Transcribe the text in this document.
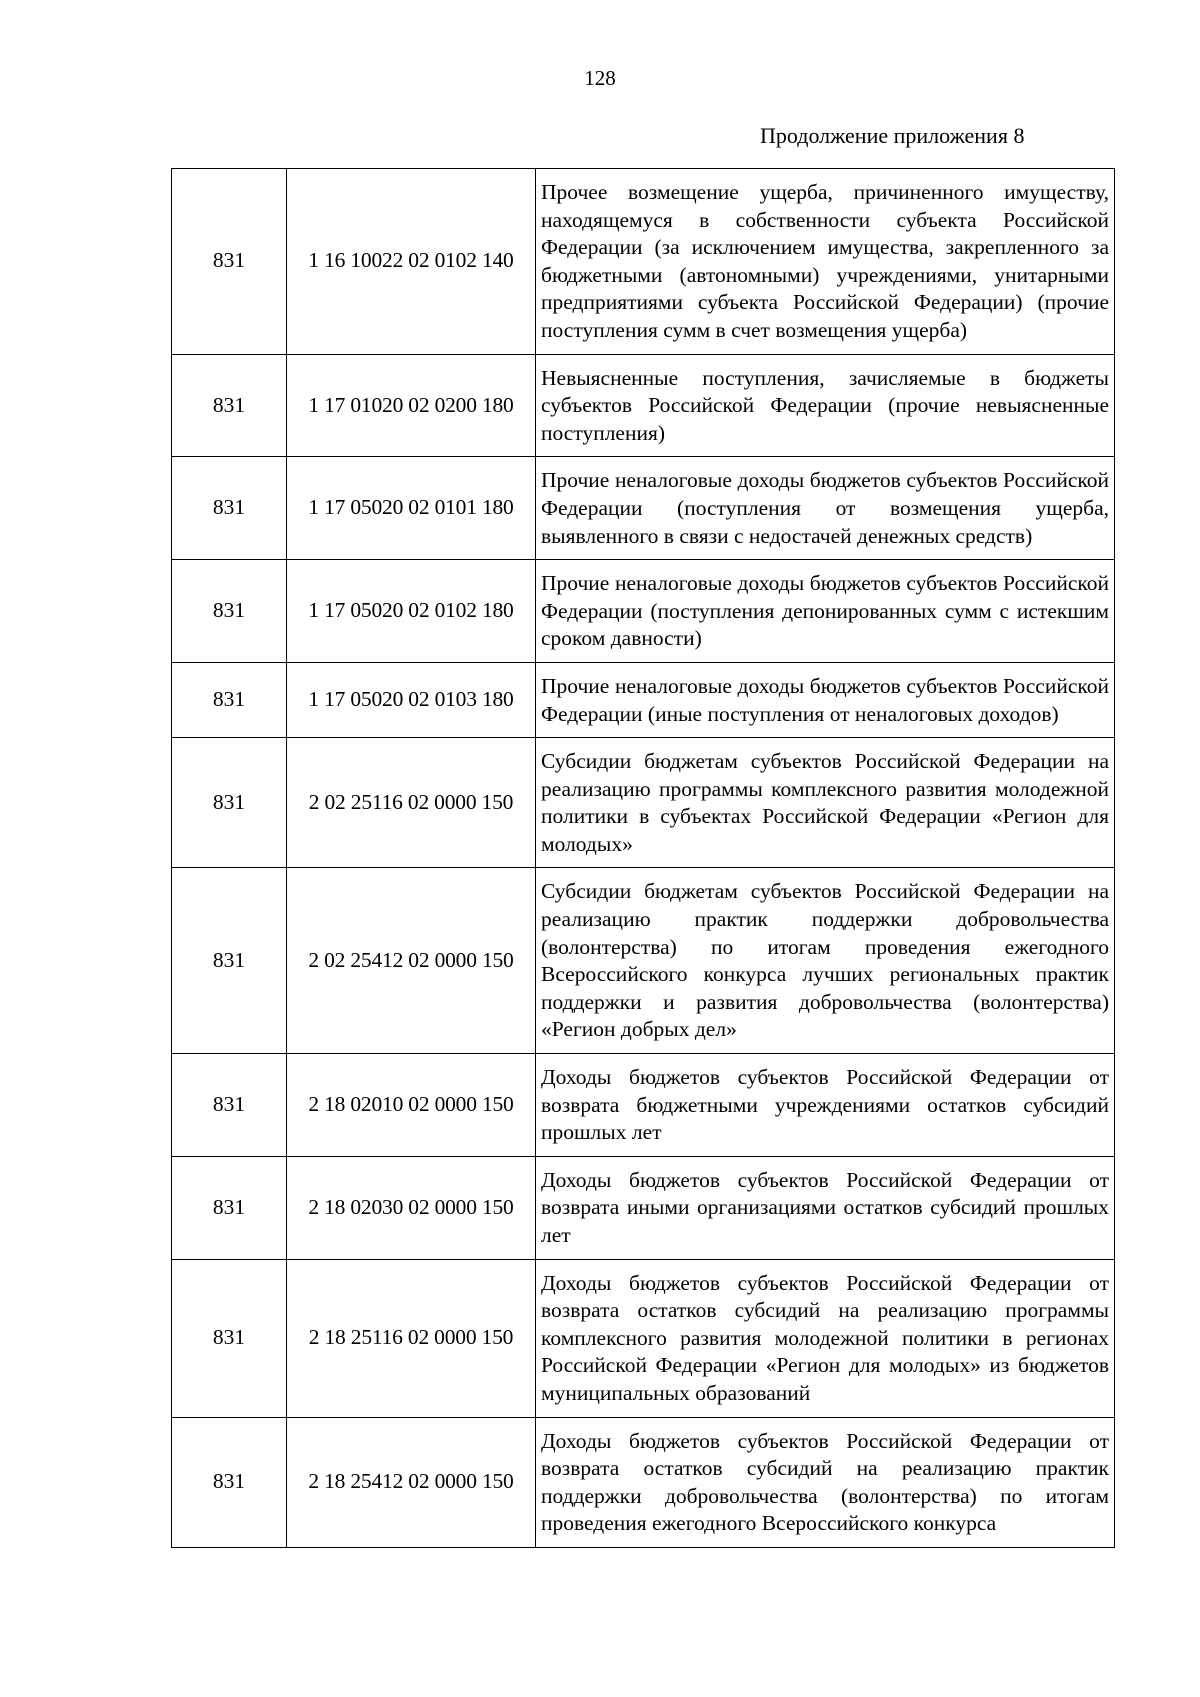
128
Продолжение приложения 8
831	1 16 10022 02 0102 140	Прочее возмещение ущерба, причиненного имуществу, находящемуся в собственности субъекта Российской Федерации (за исключением имущества, закрепленного за бюджетными (автономными) учреждениями, унитарными предприятиями субъекта Российской Федерации) (прочие поступления сумм в счет возмещения ущерба)
831	1 17 01020 02 0200 180	Невыясненные поступления, зачисляемые в бюджеты субъектов Российской Федерации (прочие невыясненные поступления)
831	1 17 05020 02 0101 180	Прочие неналоговые доходы бюджетов субъектов Российской Федерации (поступления от возмещения ущерба, выявленного в связи с недостачей денежных средств)
831	1 17 05020 02 0102 180	Прочие неналоговые доходы бюджетов субъектов Российской Федерации (поступления депонированных сумм с истекшим сроком давности)
831	1 17 05020 02 0103 180	Прочие неналоговые доходы бюджетов субъектов Российской Федерации (иные поступления от неналоговых доходов)
831	2 02 25116 02 0000 150	Субсидии бюджетам субъектов Российской Федерации на реализацию программы комплексного развития молодежной политики в субъектах Российской Федерации «Регион для молодых»
831	2 02 25412 02 0000 150	Субсидии бюджетам субъектов Российской Федерации на реализацию практик поддержки добровольчества (волонтерства) по итогам проведения ежегодного Всероссийского конкурса лучших региональных практик поддержки и развития добровольчества (волонтерства) «Регион добрых дел»
831	2 18 02010 02 0000 150	Доходы бюджетов субъектов Российской Федерации от возврата бюджетными учреждениями остатков субсидий прошлых лет
831	2 18 02030 02 0000 150	Доходы бюджетов субъектов Российской Федерации от возврата иными организациями остатков субсидий прошлых лет
831	2 18 25116 02 0000 150	Доходы бюджетов субъектов Российской Федерации от возврата остатков субсидий на реализацию программы комплексного развития молодежной политики в регионах Российской Федерации «Регион для молодых» из бюджетов муниципальных образований
831	2 18 25412 02 0000 150	Доходы бюджетов субъектов Российской Федерации от возврата остатков субсидий на реализацию практик поддержки добровольчества (волонтерства) по итогам проведения ежегодного Всероссийского конкурса
